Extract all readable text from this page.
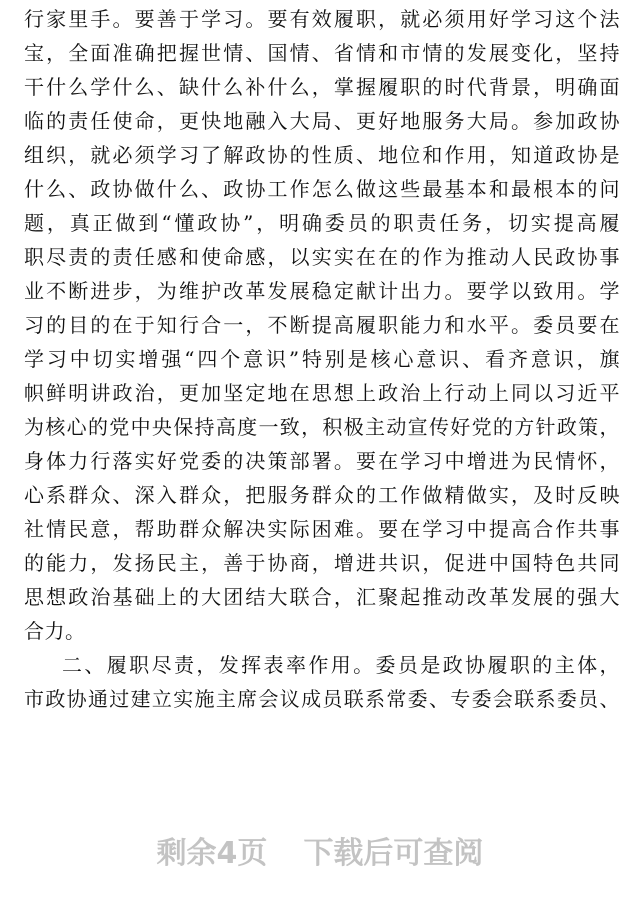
行家里手。要善于学习。要有效履职，就必须用好学习这个法
宝，全面准确把握世情、国情、省情和市情的发展变化，坚持
干什么学什么、缺什么补什么，掌握履职的时代背景，明确面
临的责任使命，更快地融入大局、更好地服务大局。参加政协
组织，就必须学习了解政协的性质、地位和作用，知道政协是
什么、政协做什么、政协工作怎么做这些最基本和最根本的问
题，真正做到“懂政协”，明确委员的职责任务，切实提高履
职尽责的责任感和使命感，以实实在在的作为推动人民政协事
业不断进步，为维护改革发展稳定献计出力。要学以致用。学
习的目的在于知行合一，不断提高履职能力和水平。委员要在
学习中切实增强“四个意识”特别是核心意识、看齐意识，旗
帜鲜明讲政治，更加坚定地在思想上政治上行动上同以习近平
为核心的党中央保持高度一致，积极主动宣传好党的方针政策，
身体力行落实好党委的决策部署。要在学习中增进为民情怀，
心系群众、深入群众，把服务群众的工作做精做实，及时反映
社情民意，帮助群众解决实际困难。要在学习中提高合作共事
的能力，发扬民主，善于协商，增进共识，促进中国特色共同
思想政治基础上的大团结大联合，汇聚起推动改革发展的强大
合力。
二、履职尽责，发挥表率作用。委员是政协履职的主体，
市政协通过建立实施主席会议成员联系常委、专委会联系委员、
剩余4页 下载后可查阅
